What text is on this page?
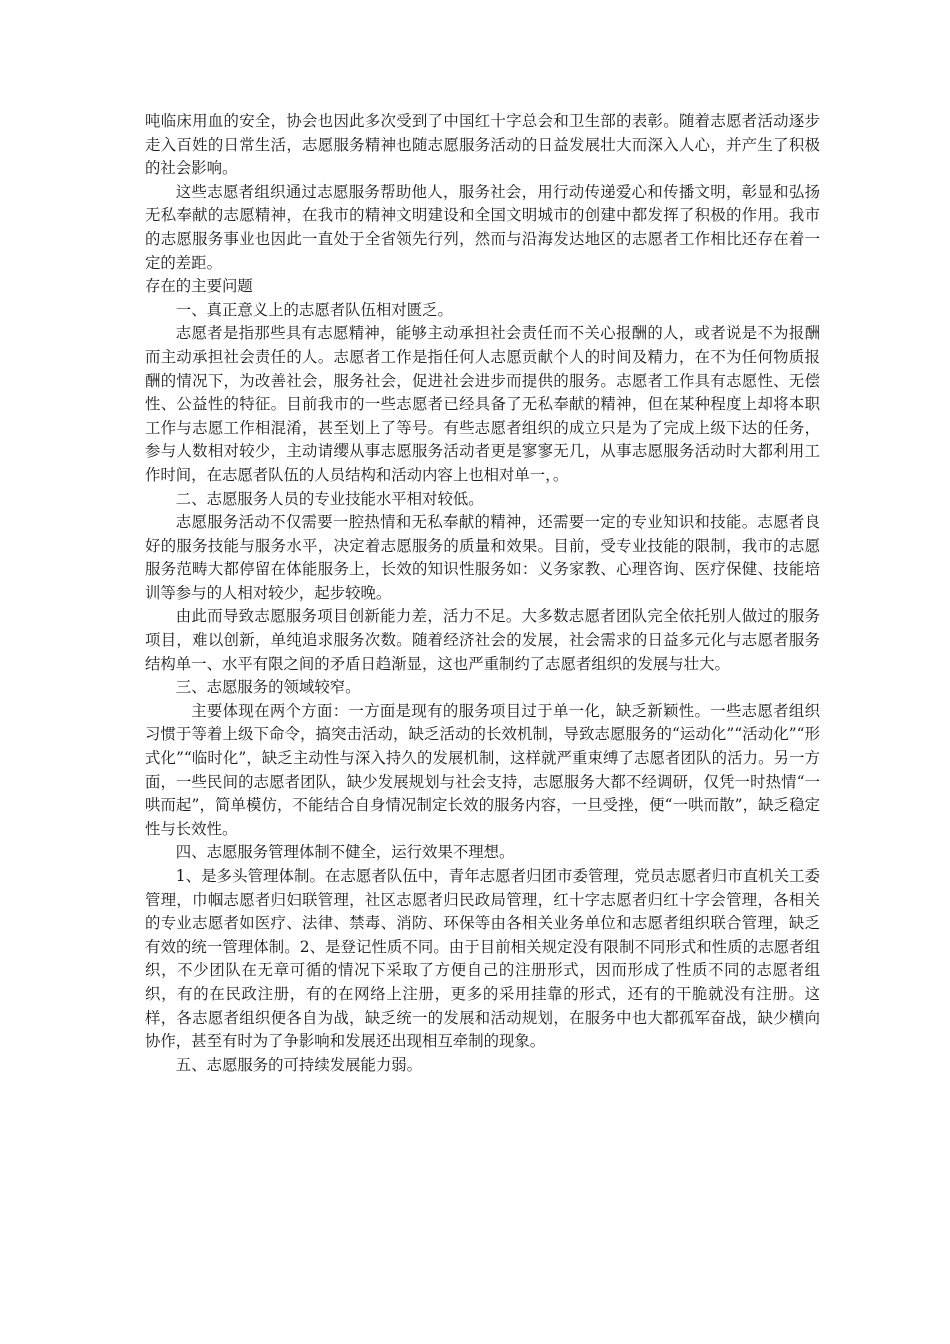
吨临床用血的安全，协会也因此多次受到了中国红十字总会和卫生部的表彰。随着志愿者活动逐步走入百姓的日常生活，志愿服务精神也随志愿服务活动的日益发展壮大而深入人心，并产生了积极的社会影响。

这些志愿者组织通过志愿服务帮助他人，服务社会，用行动传递爱心和传播文明，彰显和弘扬无私奉献的志愿精神，在我市的精神文明建设和全国文明城市的创建中都发挥了积极的作用。我市的志愿服务事业也因此一直处于全省领先行列，然而与沿海发达地区的志愿者工作相比还存在着一定的差距。

存在的主要问题

一、真正意义上的志愿者队伍相对匮乏。

志愿者是指那些具有志愿精神，能够主动承担社会责任而不关心报酬的人，或者说是不为报酬而主动承担社会责任的人。志愿者工作是指任何人志愿贡献个人的时间及精力，在不为任何物质报酬的情况下，为改善社会，服务社会，促进社会进步而提供的服务。志愿者工作具有志愿性、无偿性、公益性的特征。目前我市的一些志愿者已经具备了无私奉献的精神，但在某种程度上却将本职工作与志愿工作相混淆，甚至划上了等号。有些志愿者组织的成立只是为了完成上级下达的任务，参与人数相对较少，主动请缨从事志愿服务活动者更是寥寥无几，从事志愿服务活动时大都利用工作时间，在志愿者队伍的人员结构和活动内容上也相对单一，。

二、志愿服务人员的专业技能水平相对较低。

志愿服务活动不仅需要一腔热情和无私奉献的精神，还需要一定的专业知识和技能。志愿者良好的服务技能与服务水平，决定着志愿服务的质量和效果。目前，受专业技能的限制，我市的志愿服务范畴大都停留在体能服务上，长效的知识性服务如：义务家教、心理咨询、医疗保健、技能培训等参与的人相对较少，起步较晚。

由此而导致志愿服务项目创新能力差，活力不足。大多数志愿者团队完全依托别人做过的服务项目，难以创新，单纯追求服务次数。随着经济社会的发展，社会需求的日益多元化与志愿者服务结构单一、水平有限之间的矛盾日趋渐显，这也严重制约了志愿者组织的发展与壮大。

三、志愿服务的领域较窄。

主要体现在两个方面：一方面是现有的服务项目过于单一化，缺乏新颖性。一些志愿者组织习惯于等着上级下命令，搞突击活动，缺乏活动的长效机制，导致志愿服务的“运动化”“活动化”“形式化”“临时化”，缺乏主动性与深入持久的发展机制，这样就严重束缚了志愿者团队的活力。另一方面，一些民间的志愿者团队，缺少发展规划与社会支持，志愿服务大都不经调研，仅凭一时热情“一哄而起”，简单模仿，不能结合自身情况制定长效的服务内容，一旦受挫，便“一哄而散”，缺乏稳定性与长效性。

四、志愿服务管理体制不健全，运行效果不理想。

1、是多头管理体制。在志愿者队伍中，青年志愿者归团市委管理，党员志愿者归市直机关工委管理，巾帼志愿者归妇联管理，社区志愿者归民政局管理，红十字志愿者归红十字会管理，各相关的专业志愿者如医疗、法律、禁毒、消防、环保等由各相关业务单位和志愿者组织联合管理，缺乏有效的统一管理体制。2、是登记性质不同。由于目前相关规定没有限制不同形式和性质的志愿者组织，不少团队在无章可循的情况下采取了方便自己的注册形式，因而形成了性质不同的志愿者组织，有的在民政注册，有的在网络上注册，更多的采用挂靠的形式，还有的干脆就没有注册。这样，各志愿者组织便各自为战，缺乏统一的发展和活动规划，在服务中也大都孤军奋战，缺少横向协作，甚至有时为了争影响和发展还出现相互牵制的现象。

五、志愿服务的可持续发展能力弱。
